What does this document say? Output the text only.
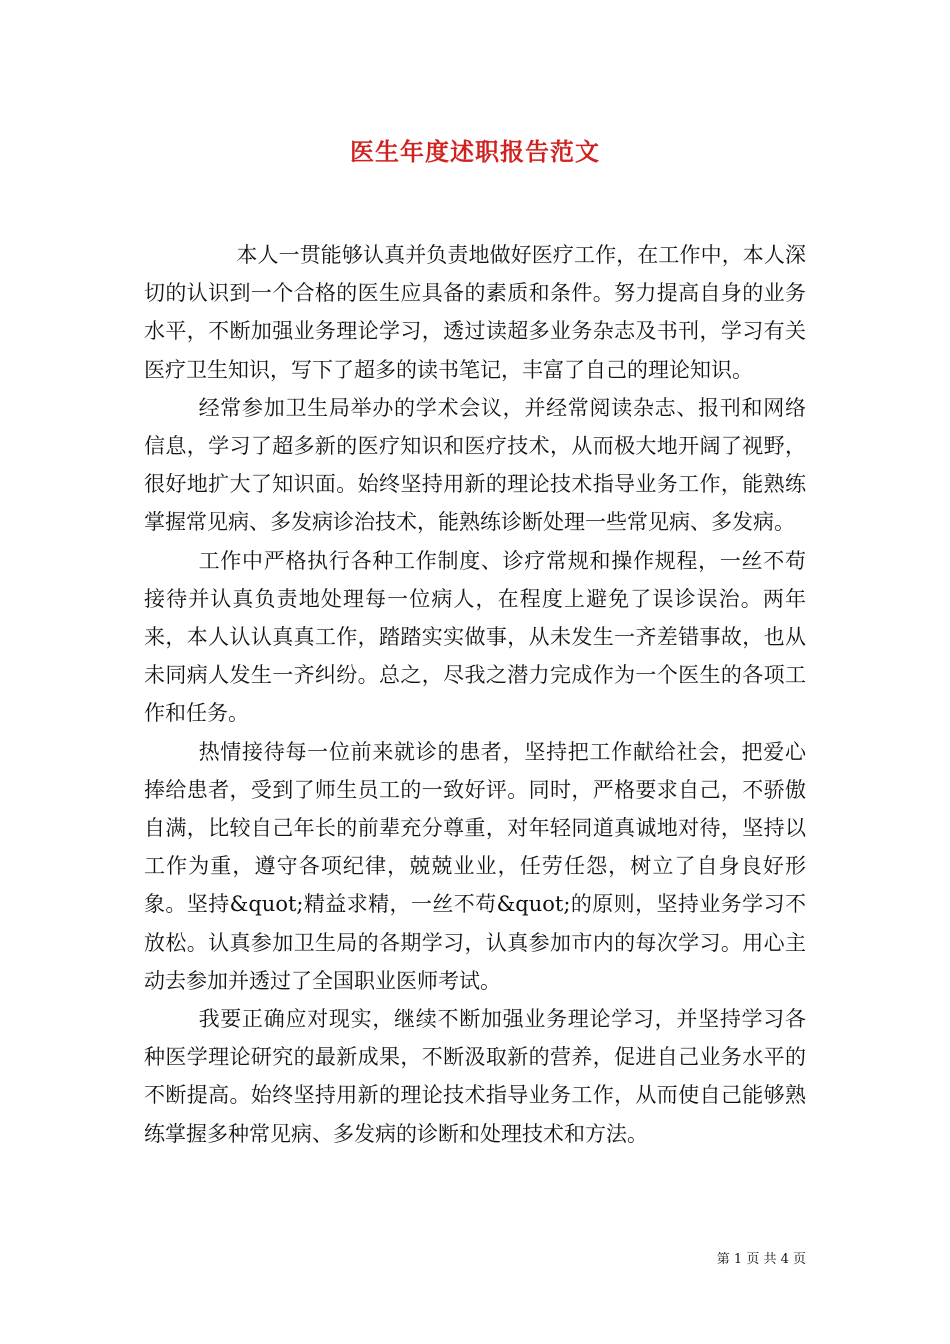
医生年度述职报告范文

本人一贯能够认真并负责地做好医疗工作，在工作中，本人深切的认识到一个合格的医生应具备的素质和条件。努力提高自身的业务水平，不断加强业务理论学习，透过读超多业务杂志及书刊，学习有关医疗卫生知识，写下了超多的读书笔记，丰富了自己的理论知识。

经常参加卫生局举办的学术会议，并经常阅读杂志、报刊和网络信息，学习了超多新的医疗知识和医疗技术，从而极大地开阔了视野，很好地扩大了知识面。始终坚持用新的理论技术指导业务工作，能熟练掌握常见病、多发病诊治技术，能熟练诊断处理一些常见病、多发病。

工作中严格执行各种工作制度、诊疗常规和操作规程，一丝不苟接待并认真负责地处理每一位病人，在程度上避免了误诊误治。两年来，本人认认真真工作，踏踏实实做事，从未发生一齐差错事故，也从未同病人发生一齐纠纷。总之，尽我之潜力完成作为一个医生的各项工作和任务。

热情接待每一位前来就诊的患者，坚持把工作献给社会，把爱心捧给患者，受到了师生员工的一致好评。同时，严格要求自己，不骄傲自满，比较自己年长的前辈充分尊重，对年轻同道真诚地对待，坚持以工作为重，遵守各项纪律，兢兢业业，任劳任怨，树立了自身良好形象。坚持&quot;精益求精，一丝不苟&quot;的原则，坚持业务学习不放松。认真参加卫生局的各期学习，认真参加市内的每次学习。用心主动去参加并透过了全国职业医师考试。

我要正确应对现实，继续不断加强业务理论学习，并坚持学习各种医学理论研究的最新成果，不断汲取新的营养，促进自己业务水平的不断提高。始终坚持用新的理论技术指导业务工作，从而使自己能够熟练掌握多种常见病、多发病的诊断和处理技术和方法。

第 1 页 共 4 页
